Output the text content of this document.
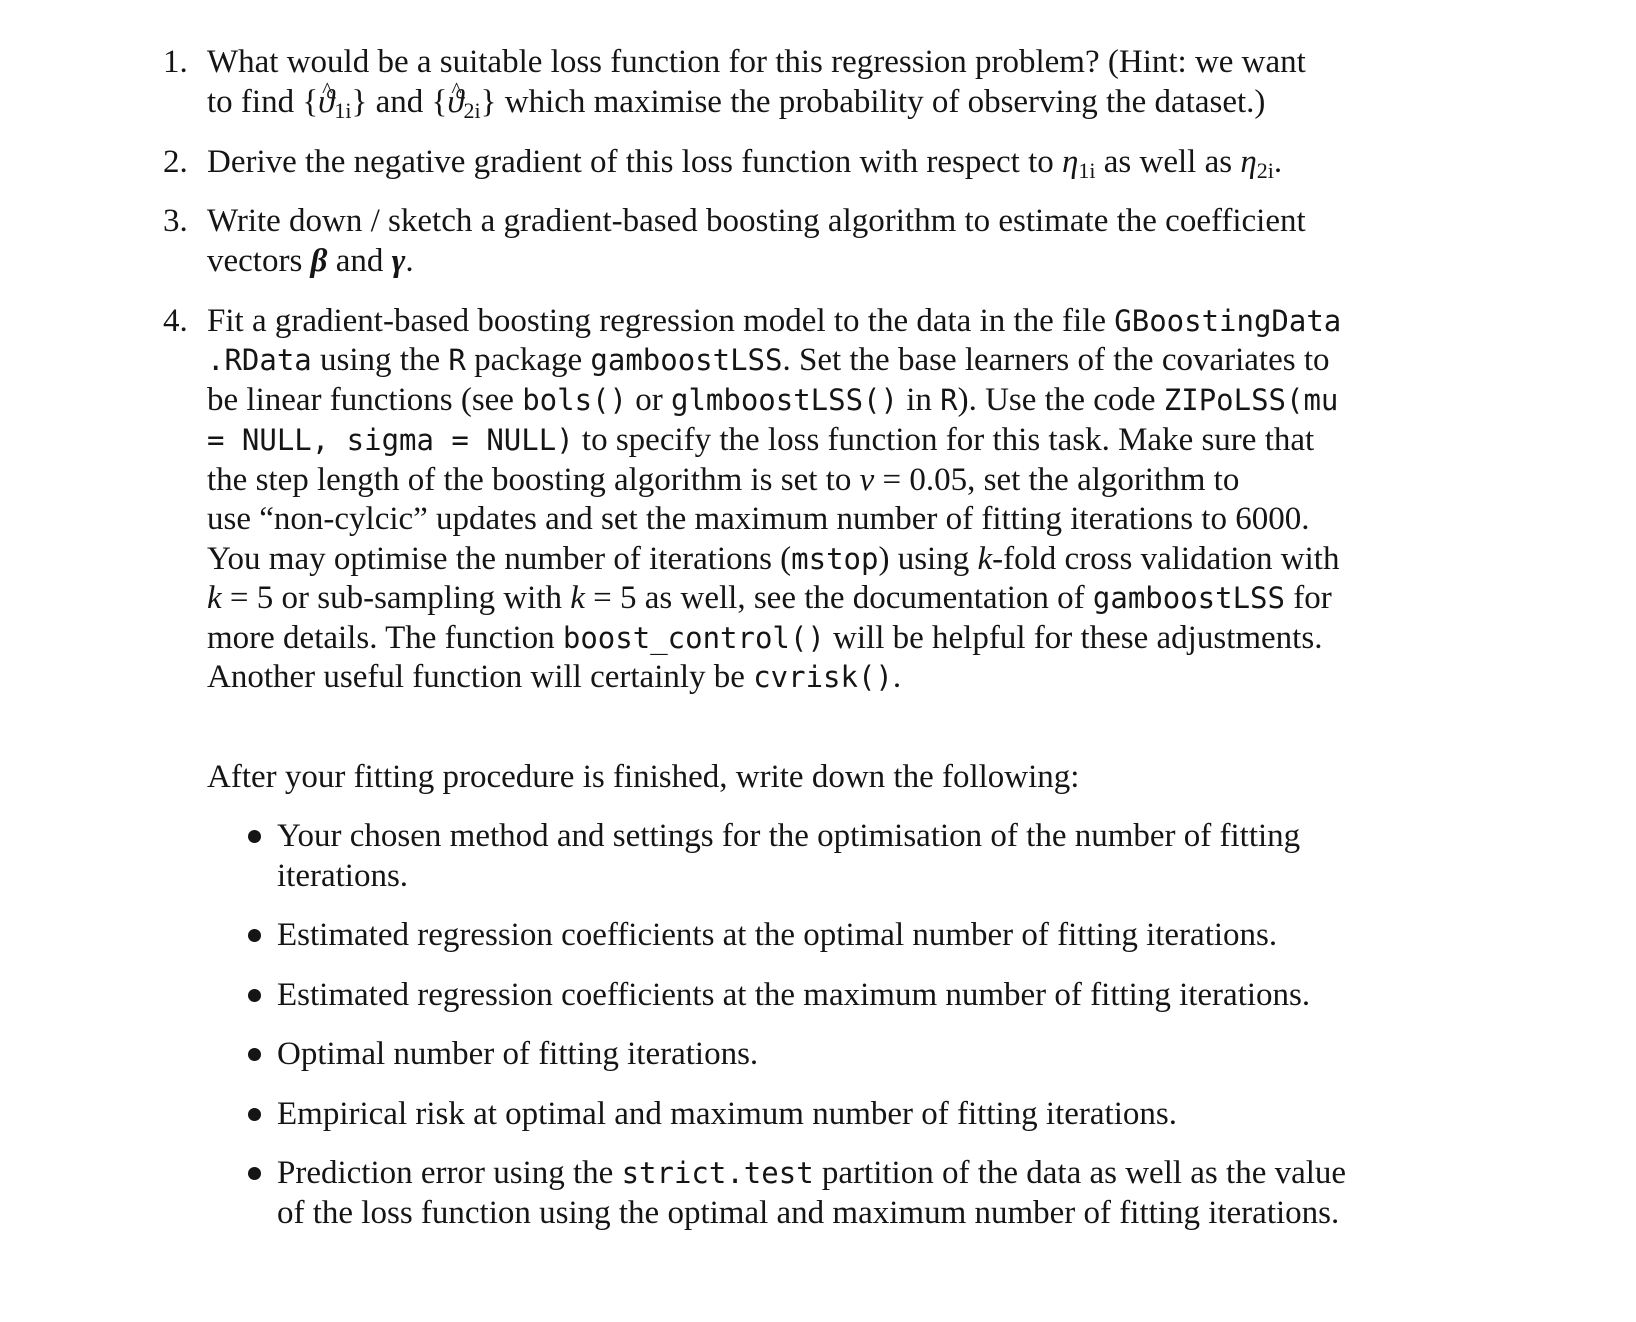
1. What would be a suitable loss function for this regression problem? (Hint: we want
to find {^ $ϑ_{1i}$} and {^ $ϑ_{2i}$} which maximise the probability of observing the dataset.)
2. Derive the negative gradient of this loss function with respect to $\eta_{1i}$ as well as $\eta_{2i}$.
3. Write down / sketch a gradient-based boosting algorithm to estimate the coefficient
vectors β and γ.
4. Fit a gradient-based boosting regression model to the data in the file GBoostingData
.RData using the R package gamboostLSS. Set the base learners of the covariates to
be linear functions (see bols() or glmboostLSS() in R). Use the code ZIPoLSS(mu
= NULL, sigma = NULL) to specify the loss function for this task. Make sure that
the step length of the boosting algorithm is set to ν = 0.05, set the algorithm to
use “non-cylcic” updates and set the maximum number of fitting iterations to 6000.
You may optimise the number of iterations (mstop) using k-fold cross validation with
k = 5 or sub-sampling with k = 5 as well, see the documentation of gamboostLSS for
more details. The function boost_control() will be helpful for these adjustments.
Another useful function will certainly be cvrisk().
After your fitting procedure is finished, write down the following:
Your chosen method and settings for the optimisation of the number of fitting
iterations.
Estimated regression coefficients at the optimal number of fitting iterations.
Estimated regression coefficients at the maximum number of fitting iterations.
Optimal number of fitting iterations.
Empirical risk at optimal and maximum number of fitting iterations.
Prediction error using the strict.test partition of the data as well as the value
of the loss function using the optimal and maximum number of fitting iterations.
